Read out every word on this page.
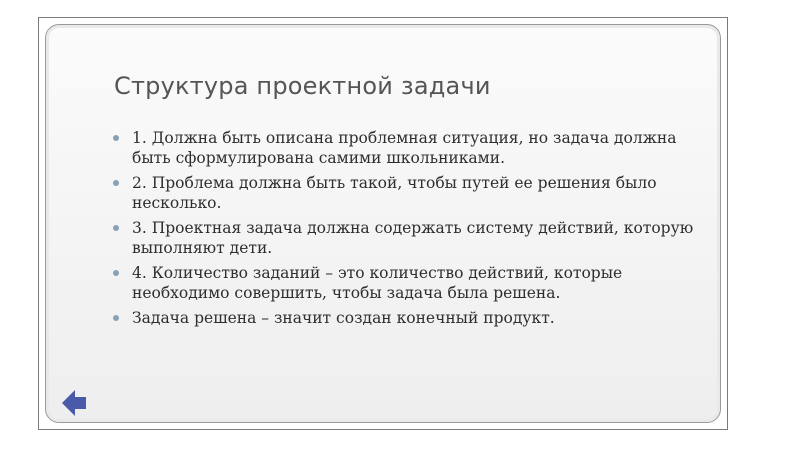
Структура проектной задачи
1. Должна быть описана проблемная ситуация, но задача должна быть сформулирована самими школьниками.
2. Проблема должна быть такой, чтобы путей ее решения было несколько.
3. Проектная задача должна содержать систему действий, которую выполняют дети.
4. Количество заданий – это количество действий, которые необходимо совершить, чтобы задача была решена.
Задача решена – значит создан конечный продукт.
